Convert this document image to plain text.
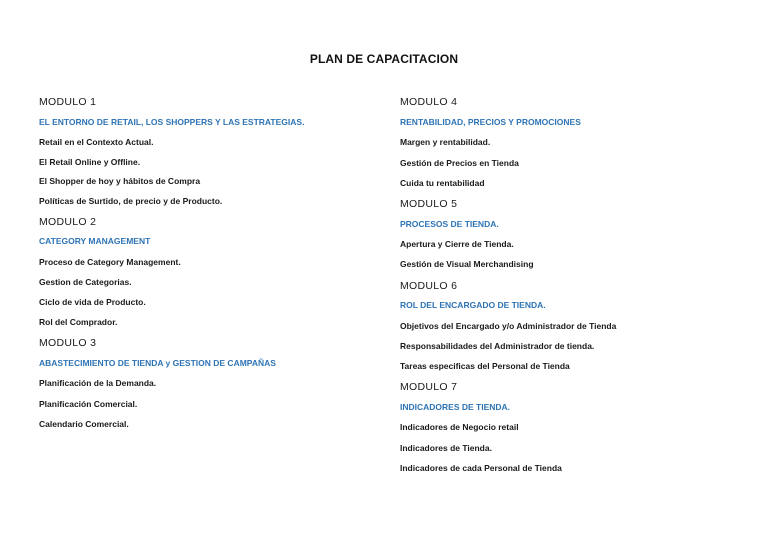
PLAN DE CAPACITACION
MODULO 1
EL ENTORNO DE RETAIL, LOS SHOPPERS Y LAS ESTRATEGIAS.
Retail en el Contexto Actual.
El Retail Online y Offline.
El Shopper de hoy y hábitos de Compra
Políticas de Surtido, de precio y de Producto.
MODULO 2
CATEGORY MANAGEMENT
Proceso de Category Management.
Gestion de Categorias.
Ciclo de vida de Producto.
Rol del Comprador.
MODULO 3
ABASTECIMIENTO DE TIENDA y GESTION DE CAMPAÑAS
Planificación de la Demanda.
Planificación Comercial.
Calendario Comercial.
MODULO 4
RENTABILIDAD, PRECIOS Y PROMOCIONES
Margen y rentabilidad.
Gestión de Precios en Tienda
Cuida tu rentabilidad
MODULO 5
PROCESOS DE TIENDA.
Apertura y Cierre de Tienda.
Gestión de Visual Merchandising
MODULO 6
ROL DEL ENCARGADO DE TIENDA.
Objetivos del Encargado y/o Administrador de Tienda
Responsabilidades del Administrador de tienda.
Tareas especificas del Personal de Tienda
MODULO 7
INDICADORES DE TIENDA.
Indicadores de Negocio retail
Indicadores de Tienda.
Indicadores de cada Personal de Tienda
